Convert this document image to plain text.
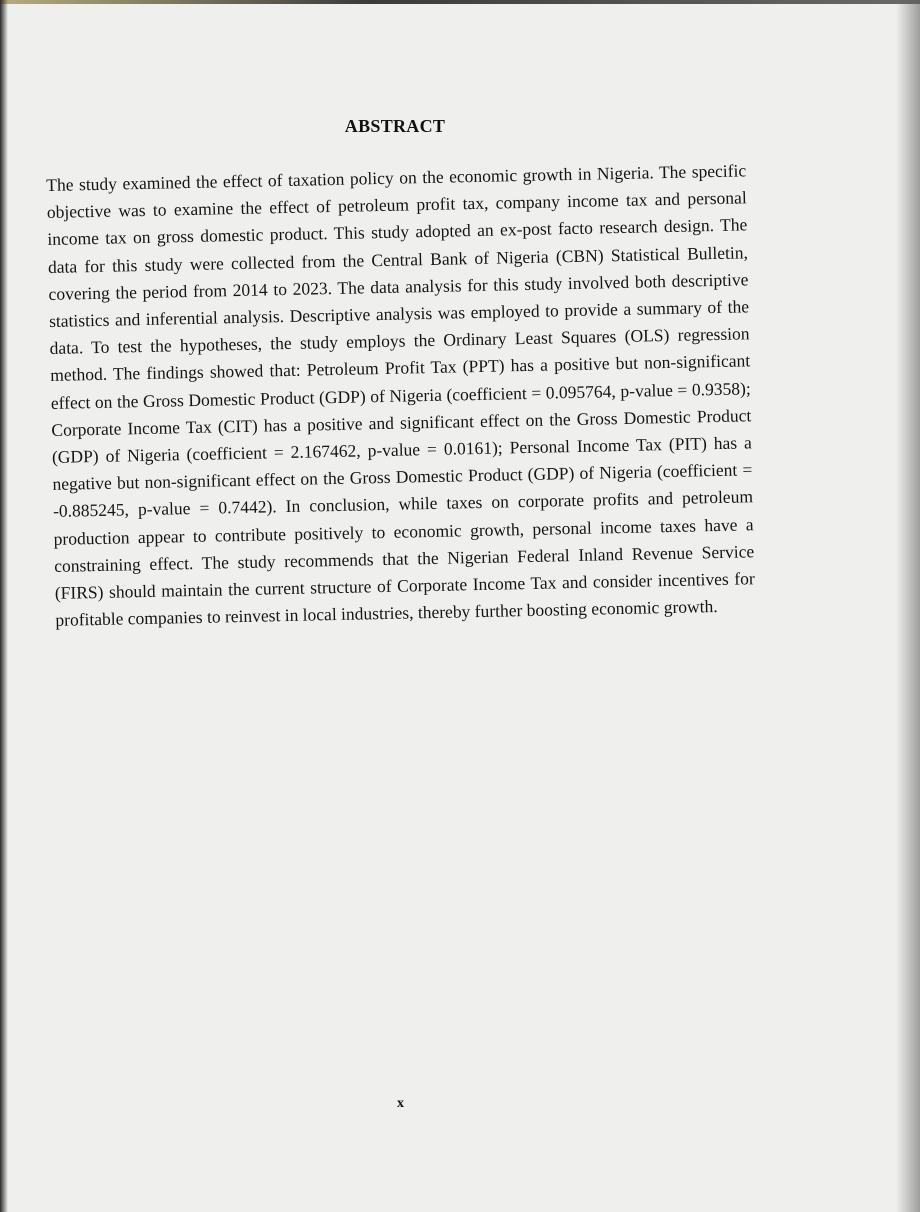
ABSTRACT
The study examined the effect of taxation policy on the economic growth in Nigeria. The specific objective was to examine the effect of petroleum profit tax, company income tax and personal income tax on gross domestic product. This study adopted an ex-post facto research design. The data for this study were collected from the Central Bank of Nigeria (CBN) Statistical Bulletin, covering the period from 2014 to 2023. The data analysis for this study involved both descriptive statistics and inferential analysis. Descriptive analysis was employed to provide a summary of the data. To test the hypotheses, the study employs the Ordinary Least Squares (OLS) regression method. The findings showed that: Petroleum Profit Tax (PPT) has a positive but non-significant effect on the Gross Domestic Product (GDP) of Nigeria (coefficient = 0.095764, p-value = 0.9358); Corporate Income Tax (CIT) has a positive and significant effect on the Gross Domestic Product (GDP) of Nigeria (coefficient = 2.167462, p-value = 0.0161); Personal Income Tax (PIT) has a negative but non-significant effect on the Gross Domestic Product (GDP) of Nigeria (coefficient = -0.885245, p-value = 0.7442). In conclusion, while taxes on corporate profits and petroleum production appear to contribute positively to economic growth, personal income taxes have a constraining effect. The study recommends that the Nigerian Federal Inland Revenue Service (FIRS) should maintain the current structure of Corporate Income Tax and consider incentives for profitable companies to reinvest in local industries, thereby further boosting economic growth.
x
